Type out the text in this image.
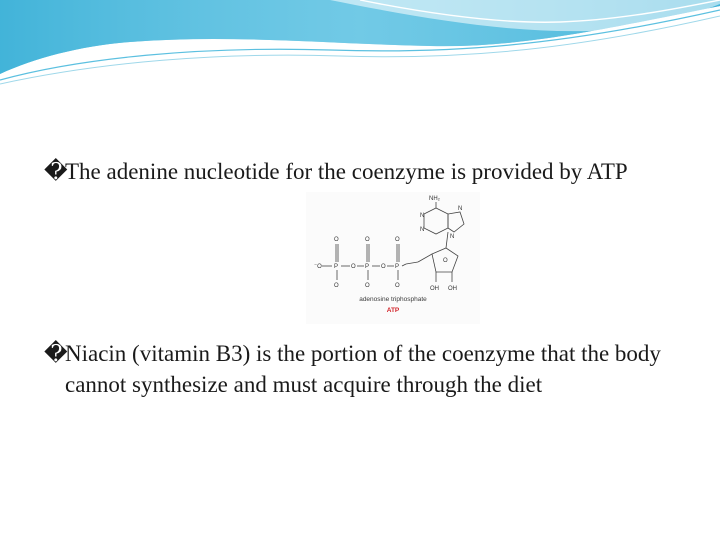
�
The adenine nucleotide for the coenzyme is provided by ATP
NH₂
N
N
N
N
O
OH OH
⁻O P
O
O
O P
O
O
O P
O
O
adenosine triphosphate
ATP
�
Niacin (vitamin B3) is the portion of the coenzyme that the body cannot synthesize and must acquire through the diet
